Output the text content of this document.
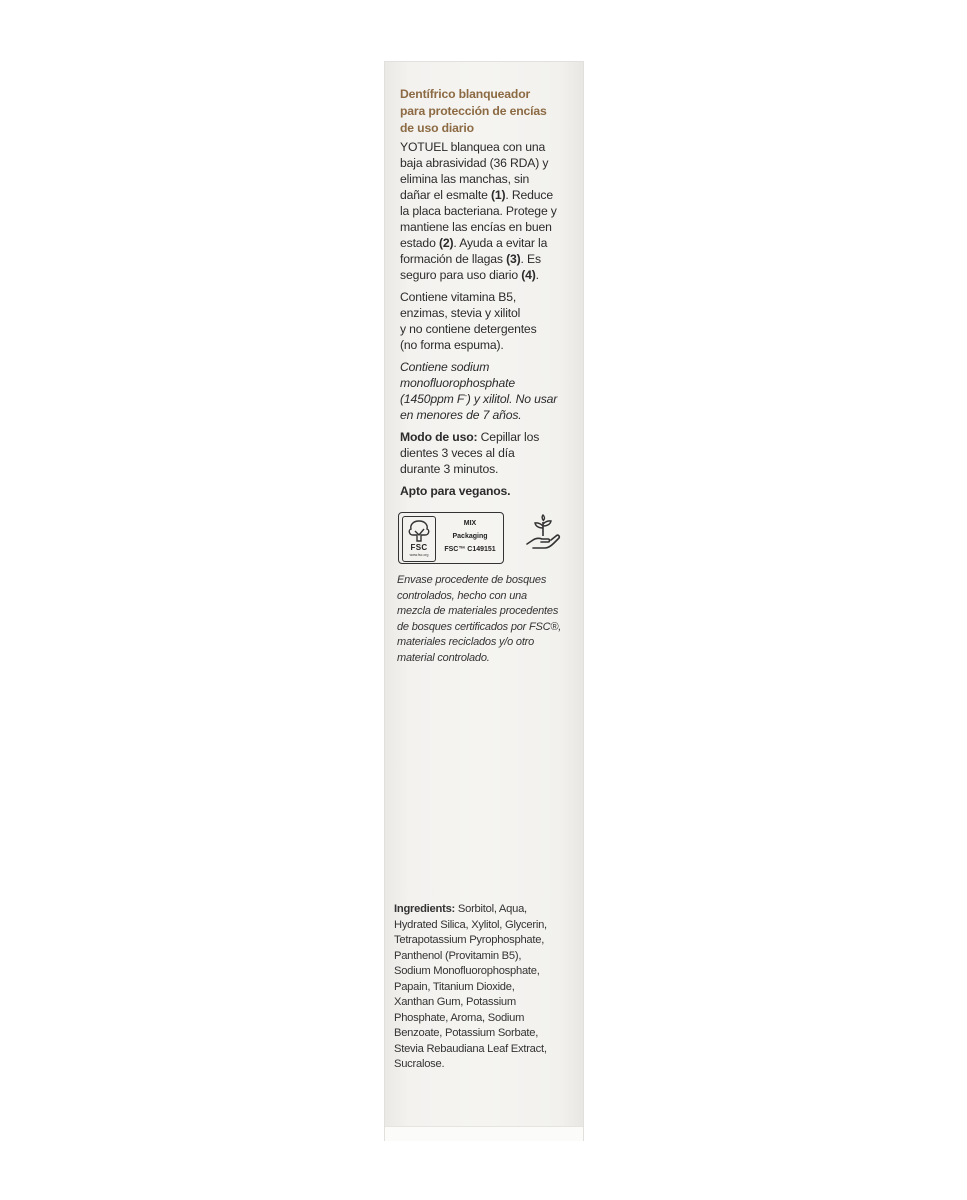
Dentífrico blanqueador
para protección de encías
de uso diario
YOTUEL blanquea con una
baja abrasividad (36 RDA) y
elimina las manchas, sin
dañar el esmalte (1). Reduce
la placa bacteriana. Protege y
mantiene las encías en buen
estado (2). Ayuda a evitar la
formación de llagas (3). Es
seguro para uso diario (4).
Contiene vitamina B5,
enzimas, stevia y xilitol
y no contiene detergentes
(no forma espuma).
Contiene sodium
monofluorophosphate
(1450ppm F-) y xilitol. No usar
en menores de 7 años.
Modo de uso: Cepillar los
dientes 3 veces al día
durante 3 minutos.
Apto para veganos.
FSC
www.fsc.org
MIX
Packaging
FSC™ C149151
Envase procedente de bosques
controlados, hecho con una
mezcla de materiales procedentes
de bosques certificados por FSC®,
materiales reciclados y/o otro
material controlado.
Ingredients: Sorbitol, Aqua,
Hydrated Silica, Xylitol, Glycerin,
Tetrapotassium Pyrophosphate,
Panthenol (Provitamin B5),
Sodium Monofluorophosphate,
Papain, Titanium Dioxide,
Xanthan Gum, Potassium
Phosphate, Aroma, Sodium
Benzoate, Potassium Sorbate,
Stevia Rebaudiana Leaf Extract,
Sucralose.
